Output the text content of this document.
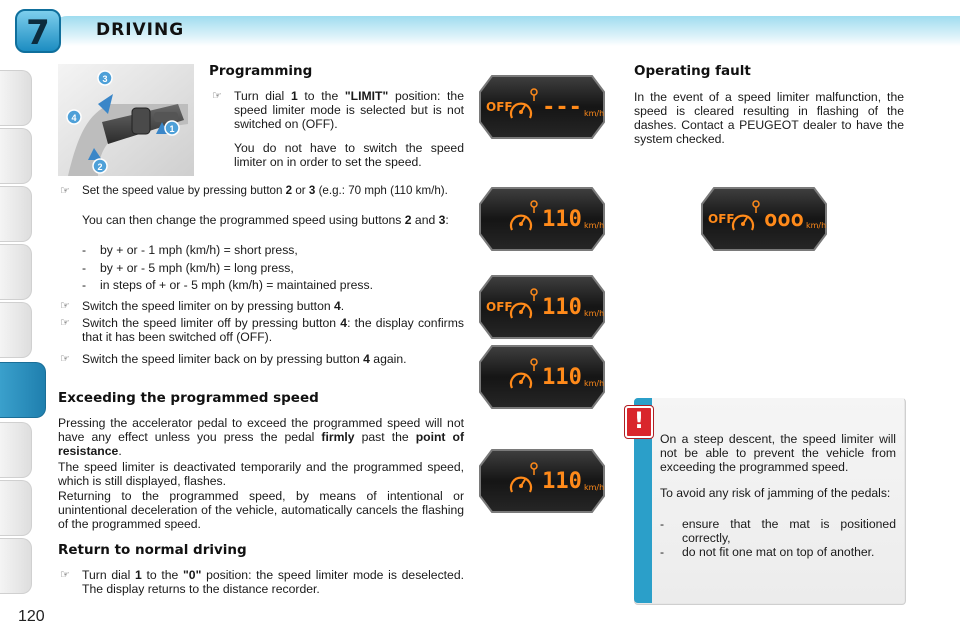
7	DRIVING
120
3
4
1
2
Programming
☞ Turn dial 1 to the "LIMIT" position: the speed limiter mode is selected but is not switched on (OFF).
You do not have to switch the speed limiter on in order to set the speed.
☞ Set the speed value by pressing button 2 or 3 (e.g.: 70 mph (110 km/h).
You can then change the programmed speed using buttons 2 and 3:
- by + or - 1 mph (km/h) = short press,
- by + or - 5 mph (km/h) = long press,
- in steps of + or - 5 mph (km/h) = maintained press.
☞ Switch the speed limiter on by pressing button 4.
☞ Switch the speed limiter off by pressing button 4: the display confirms that it has been switched off (OFF).
☞ Switch the speed limiter back on by pressing button 4 again.
Exceeding the programmed speed
Pressing the accelerator pedal to exceed the programmed speed will not have any effect unless you press the pedal firmly past the point of resistance.
The speed limiter is deactivated temporarily and the programmed speed, which is still displayed, flashes.
Returning to the programmed speed, by means of intentional or unintentional deceleration of the vehicle, automatically cancels the flashing of the programmed speed.
Return to normal driving
☞ Turn dial 1 to the "0" position: the speed limiter mode is deselected. The display returns to the distance recorder.
OFF --- km/h
110 km/h
OFF 110 km/h
110 km/h
110 km/h
OFF ooo km/h
Operating fault
In the event of a speed limiter malfunction, the speed is cleared resulting in flashing of the dashes. Contact a PEUGEOT dealer to have the system checked.
!
On a steep descent, the speed limiter will not be able to prevent the vehicle from exceeding the programmed speed.
To avoid any risk of jamming of the pedals:
- ensure that the mat is positioned correctly,
- do not fit one mat on top of another.
